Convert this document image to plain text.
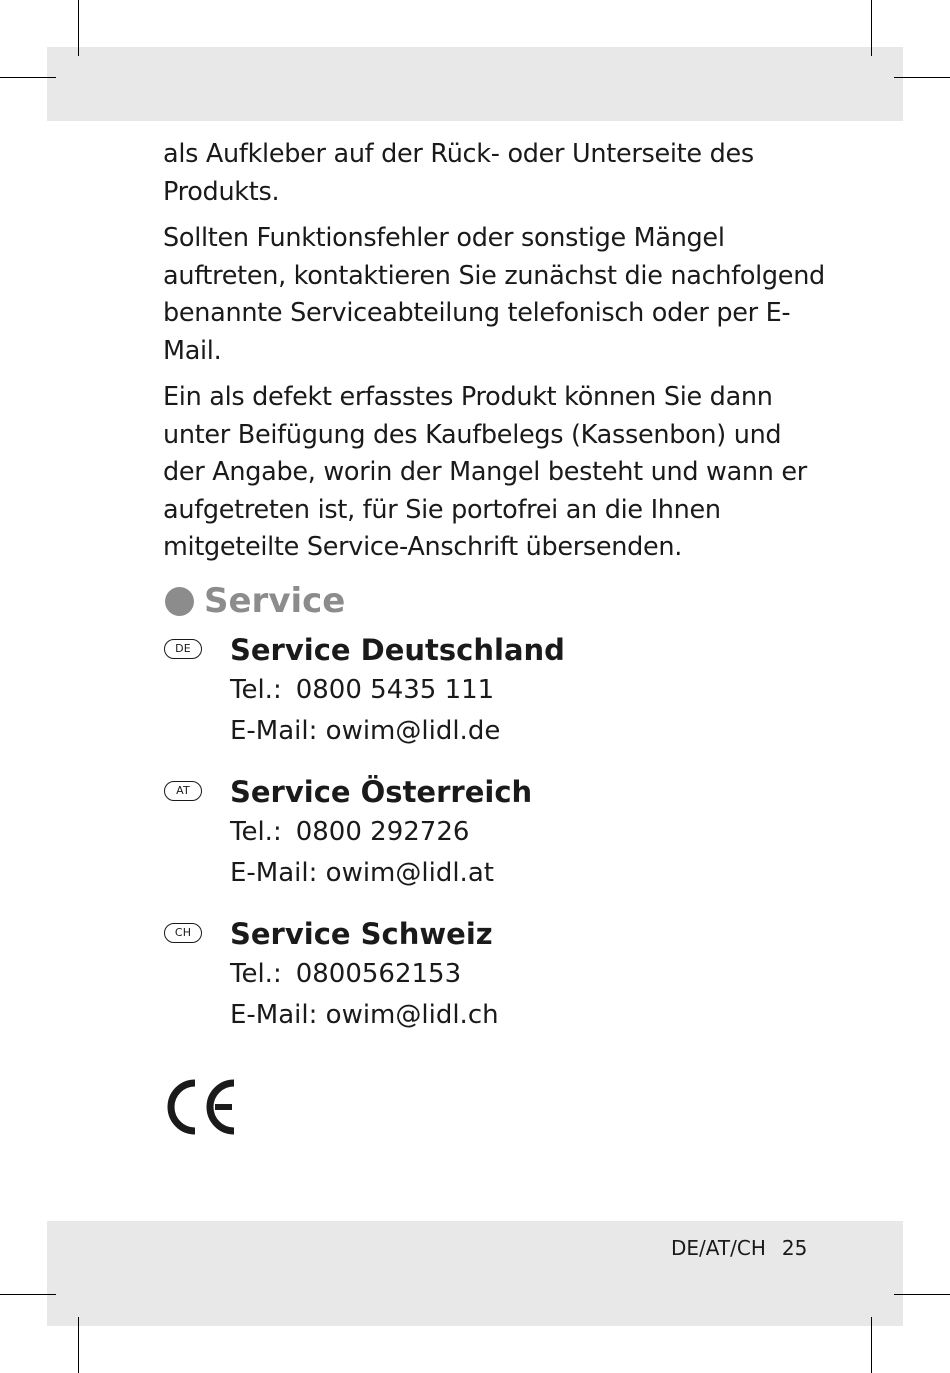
als Aufkleber auf der Rück- oder Unterseite des Produkts.

Sollten Funktionsfehler oder sonstige Mängel auftreten, kontaktieren Sie zunächst die nachfolgend benannte Serviceabteilung telefonisch oder per E-Mail.

Ein als defekt erfasstes Produkt können Sie dann unter Beifügung des Kaufbelegs (Kassenbon) und der Angabe, worin der Mangel besteht und wann er aufgetreten ist, für Sie portofrei an die Ihnen mitgeteilte Service-Anschrift übersenden.

Service
DE	Service Deutschland
Tel.: 0800 5435 111
E-Mail: owim@lidl.de
AT	Service Österreich
Tel.: 0800 292726
E-Mail: owim@lidl.at
CH	Service Schweiz
Tel.: 0800562153
E-Mail: owim@lidl.ch
DE/AT/CH 25
